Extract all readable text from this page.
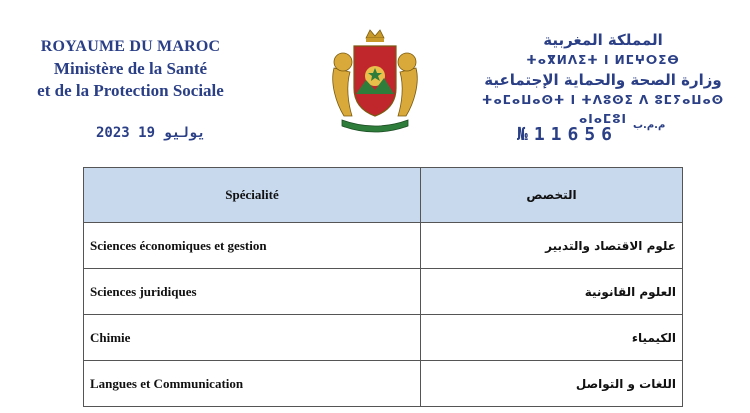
ROYAUME DU MAROC
Ministère de la Santé
et de la Protection Sociale
2023 يوليو 19
المملكة المغربية
ⵜⴰⴳⵍⴷⵉⵜ ⵏ ⵍⵎⵖⵔⵉⴱ
وزارة الصحة والحماية الإجتماعية
ⵜⴰⵎⴰⵡⴰⵙⵜ ⵏ ⵜⴷⵓⵙⵉ ⴷ ⵓⵎⵢⴰⵡⴰⵙ ⴰⵏⴰⵎⵓⵏ
№11656 م.م.ب
Spécialité	التخصص
Sciences économiques et gestion	علوم الاقتصاد والتدبير
Sciences juridiques	العلوم القانونية
Chimie	الكيمياء
Langues et Communication	اللغات و التواصل
